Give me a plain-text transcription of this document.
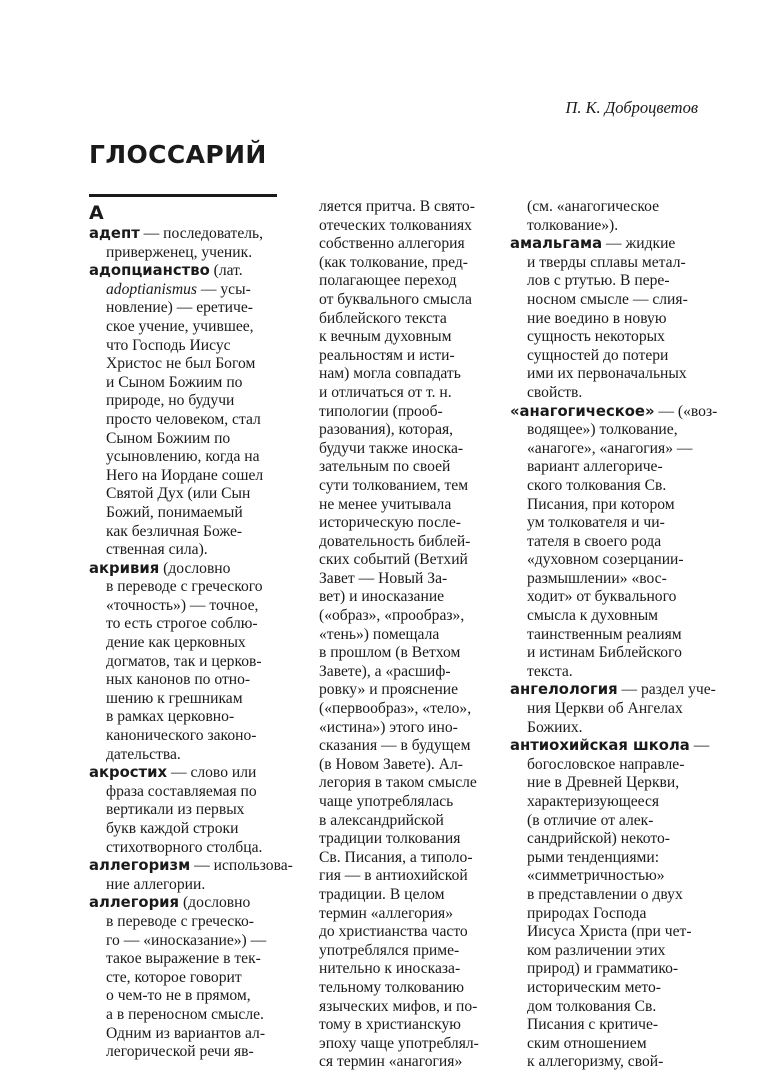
П. К. Доброцветов
ГЛОССАРИЙ
А
адепт — последователь,
приверженец, ученик.
адопцианство (лат.
adoptianismus — усы-
новление) — еретиче-
ское учение, учившее,
что Господь Иисус
Христос не был Богом
и Сыном Божиим по
природе, но будучи
просто человеком, стал
Сыном Божиим по
усыновлению, когда на
Него на Иордане сошел
Святой Дух (или Сын
Божий, понимаемый
как безличная Боже-
ственная сила).
акривия (дословно
в переводе с греческого
«точность») — точное,
то есть строгое соблю-
дение как церковных
догматов, так и церков-
ных канонов по отно-
шению к грешникам
в рамках церковно-
канонического законо-
дательства.
акростих — слово или
фраза составляемая по
вертикали из первых
букв каждой строки
стихотворного столбца.
аллегоризм — использова-
ние аллегории.
аллегория (дословно
в переводе с греческо-
го — «иносказание») —
такое выражение в тек-
сте, которое говорит
о чем-то не в прямом,
а в переносном смысле.
Одним из вариантов ал-
легорической речи яв-
ляется притча. В свято-
отеческих толкованиях
собственно аллегория
(как толкование, пред-
полагающее переход
от буквального смысла
библейского текста
к вечным духовным
реальностям и исти-
нам) могла совпадать
и отличаться от т. н.
типологии (прооб-
разования), которая,
будучи также иноска-
зательным по своей
сути толкованием, тем
не менее учитывала
историческую после-
довательность библей-
ских событий (Ветхий
Завет — Новый За-
вет) и иносказание
(«образ», «прообраз»,
«тень») помещала
в прошлом (в Ветхом
Завете), а «расшиф-
ровку» и прояснение
(«первообраз», «тело»,
«истина») этого ино-
сказания — в будущем
(в Новом Завете). Ал-
легория в таком смысле
чаще употреблялась
в александрийской
традиции толкования
Св. Писания, а типоло-
гия — в антиохийской
традиции. В целом
термин «аллегория»
до христианства часто
употреблялся приме-
нительно к иносказа-
тельному толкованию
языческих мифов, и по-
тому в христианскую
эпоху чаще употреблял-
ся термин «анагогия»
(см. «анагогическое
толкование»).
амальгама — жидкие
и тверды сплавы метал-
лов с ртутью. В пере-
носном смысле — слия-
ние воедино в новую
сущность некоторых
сущностей до потери
ими их первоначальных
свойств.
«анагогическое» — («воз-
водящее») толкование,
«анагоге», «анагогия» —
вариант аллегориче-
ского толкования Св.
Писания, при котором
ум толкователя и чи-
тателя в своего рода
«духовном созерцании-
размышлении» «вос-
ходит» от буквального
смысла к духовным
таинственным реалиям
и истинам Библейского
текста.
ангелология — раздел уче-
ния Церкви об Ангелах
Божиих.
антиохийская школа —
богословское направле-
ние в Древней Церкви,
характеризующееся
(в отличие от алек-
сандрийской) некото-
рыми тенденциями:
«симметричностью»
в представлении о двух
природах Господа
Иисуса Христа (при чет-
ком различении этих
природ) и грамматико-
историческим мето-
дом толкования Св.
Писания с критиче-
ским отношением
к аллегоризму, свой-
